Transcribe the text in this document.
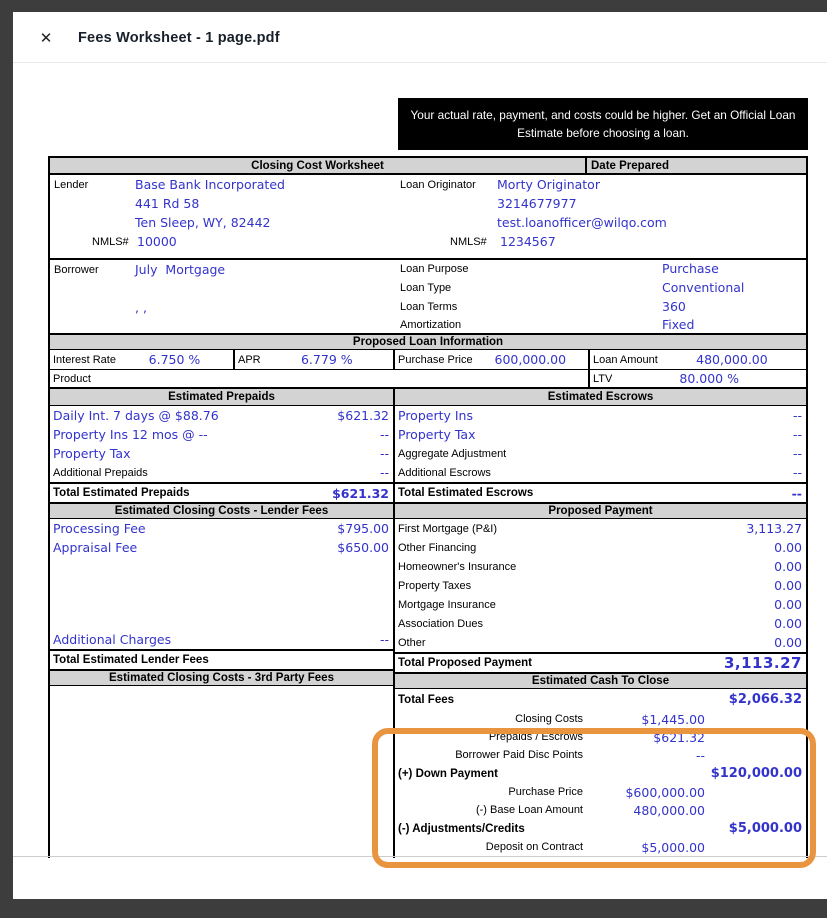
✕	Fees Worksheet - 1 page.pdf
Your actual rate, payment, and costs could be higher. Get an Official Loan
Estimate before choosing a loan.
Closing Cost Worksheet	Date Prepared
Lender	Base Bank Incorporated
441 Rd 58
Ten Sleep, WY, 82442
NMLS# 10000
Loan Originator Morty Originator
3214677977
test.loanofficer@wilqo.com
NMLS# 1234567
Borrower	July  Mortgage
, ,
Loan Purpose	Purchase
Loan Type	Conventional
Loan Terms	360
Amortization	Fixed
Proposed Loan Information
Interest Rate	6.750 %	APR	6.779 %	Purchase Price 600,000.00 Loan Amount	480,000.00
Product	LTV	80.000 %
Estimated Prepaids
Daily Int. 7 days @ $88.76	$621.32
Property Ins 12 mos @ --	--
Property Tax	--
Additional Prepaids	--
Total Estimated Prepaids	$621.32
Estimated Closing Costs - Lender Fees
Processing Fee	$795.00
Appraisal Fee	$650.00
Additional Charges	--
Total Estimated Lender Fees
Estimated Closing Costs - 3rd Party Fees
Estimated Escrows
Property Ins	--
Property Tax	--
Aggregate Adjustment	--
Additional Escrows	--
Total Estimated Escrows	--
Proposed Payment
First Mortgage (P&I)	3,113.27
Other Financing	0.00
Homeowner's Insurance	0.00
Property Taxes	0.00
Mortgage Insurance	0.00
Association Dues	0.00
Other	0.00
Total Proposed Payment	3,113.27
Estimated Cash To Close
Total Fees	$2,066.32
Closing Costs	$1,445.00
Prepaids / Escrows	$621.32
Borrower Paid Disc Points	--
(+) Down Payment	$120,000.00
Purchase Price	$600,000.00
(-) Base Loan Amount	480,000.00
(-) Adjustments/Credits	$5,000.00
Deposit on Contract	$5,000.00
